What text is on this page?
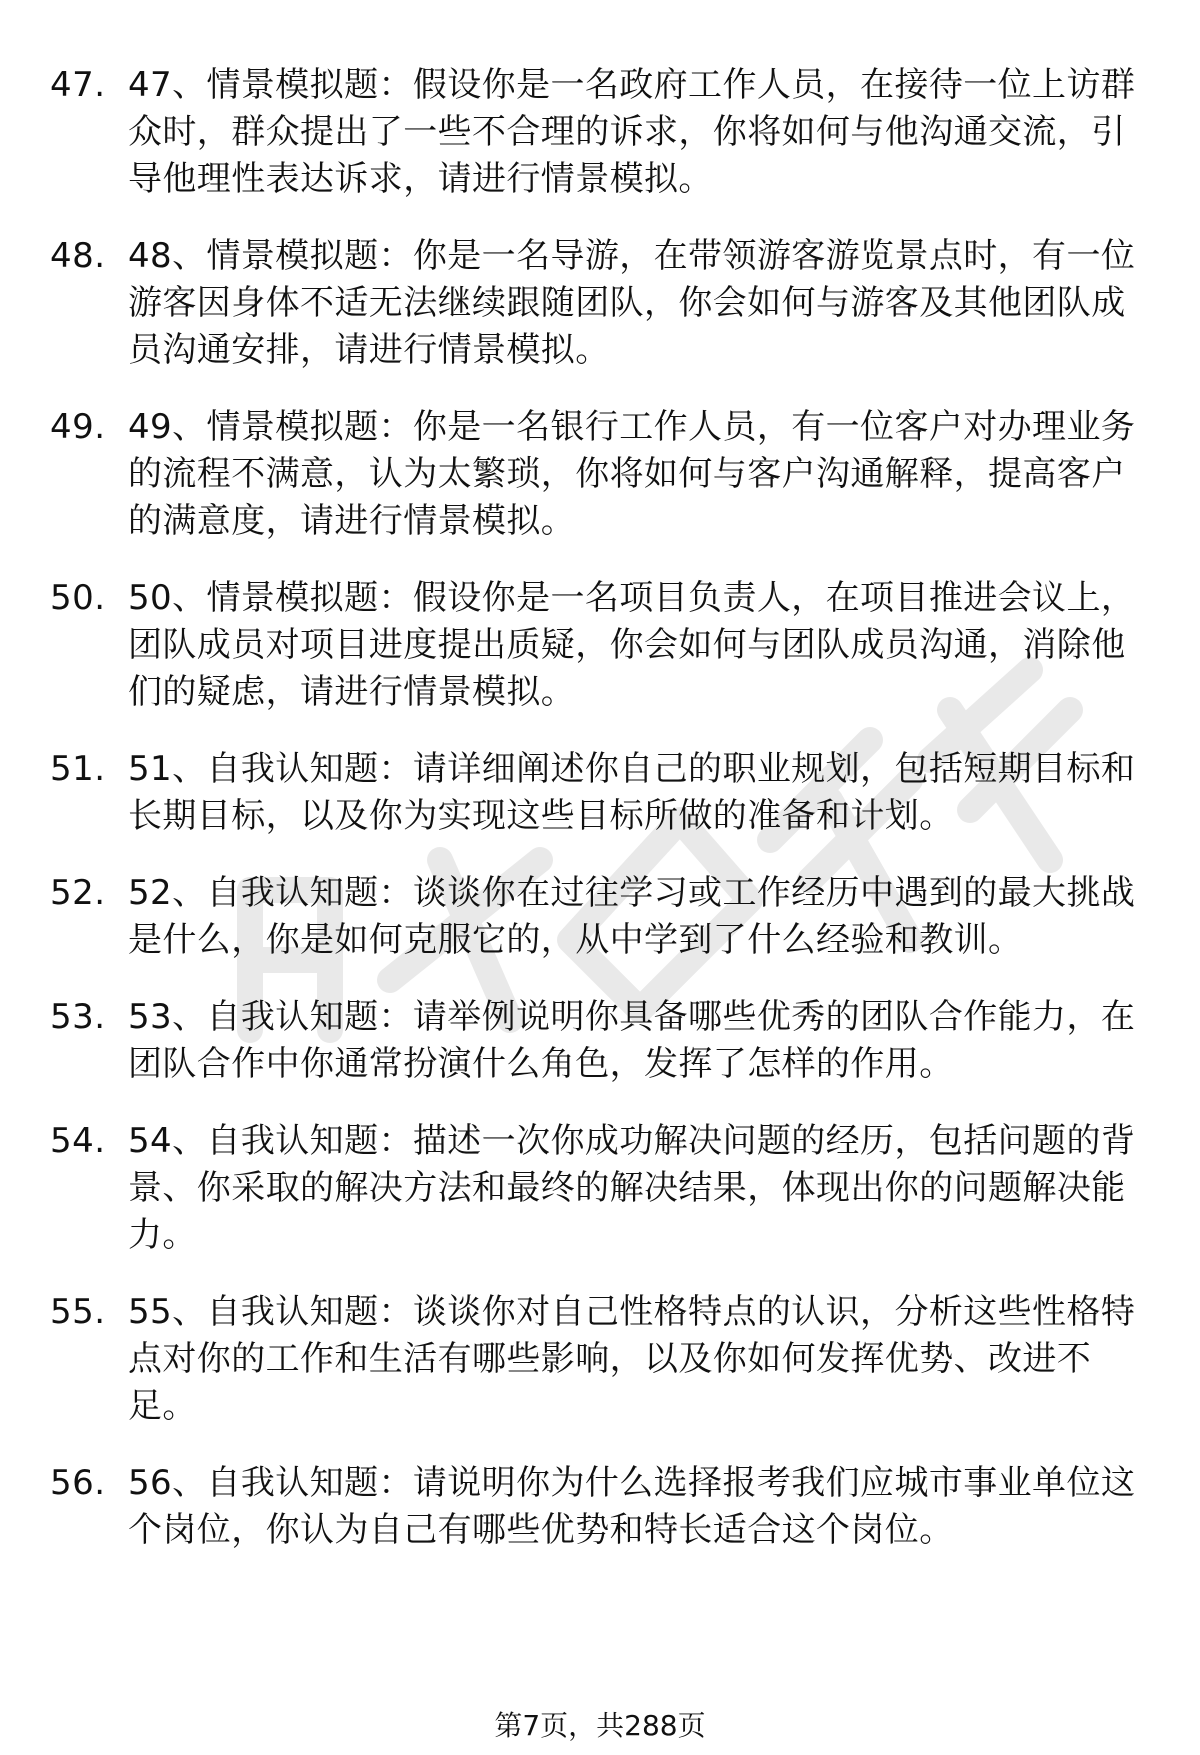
47. 47、情景模拟题：假设你是一名政府工作人员，在接待一位上访群众时，群众提出了一些不合理的诉求，你将如何与他沟通交流，引导他理性表达诉求，请进行情景模拟。
48. 48、情景模拟题：你是一名导游，在带领游客游览景点时，有一位游客因身体不适无法继续跟随团队，你会如何与游客及其他团队成员沟通安排，请进行情景模拟。
49. 49、情景模拟题：你是一名银行工作人员，有一位客户对办理业务的流程不满意，认为太繁琐，你将如何与客户沟通解释，提高客户的满意度，请进行情景模拟。
50. 50、情景模拟题：假设你是一名项目负责人，在项目推进会议上，团队成员对项目进度提出质疑，你会如何与团队成员沟通，消除他们的疑虑，请进行情景模拟。
51. 51、自我认知题：请详细阐述你自己的职业规划，包括短期目标和长期目标，以及你为实现这些目标所做的准备和计划。
52. 52、自我认知题：谈谈你在过往学习或工作经历中遇到的最大挑战是什么，你是如何克服它的，从中学到了什么经验和教训。
53. 53、自我认知题：请举例说明你具备哪些优秀的团队合作能力，在团队合作中你通常扮演什么角色，发挥了怎样的作用。
54. 54、自我认知题：描述一次你成功解决问题的经历，包括问题的背景、你采取的解决方法和最终的解决结果，体现出你的问题解决能力。
55. 55、自我认知题：谈谈你对自己性格特点的认识，分析这些性格特点对你的工作和生活有哪些影响，以及你如何发挥优势、改进不足。
56. 56、自我认知题：请说明你为什么选择报考我们应城市事业单位这个岗位，你认为自己有哪些优势和特长适合这个岗位。
第7页，共288页
